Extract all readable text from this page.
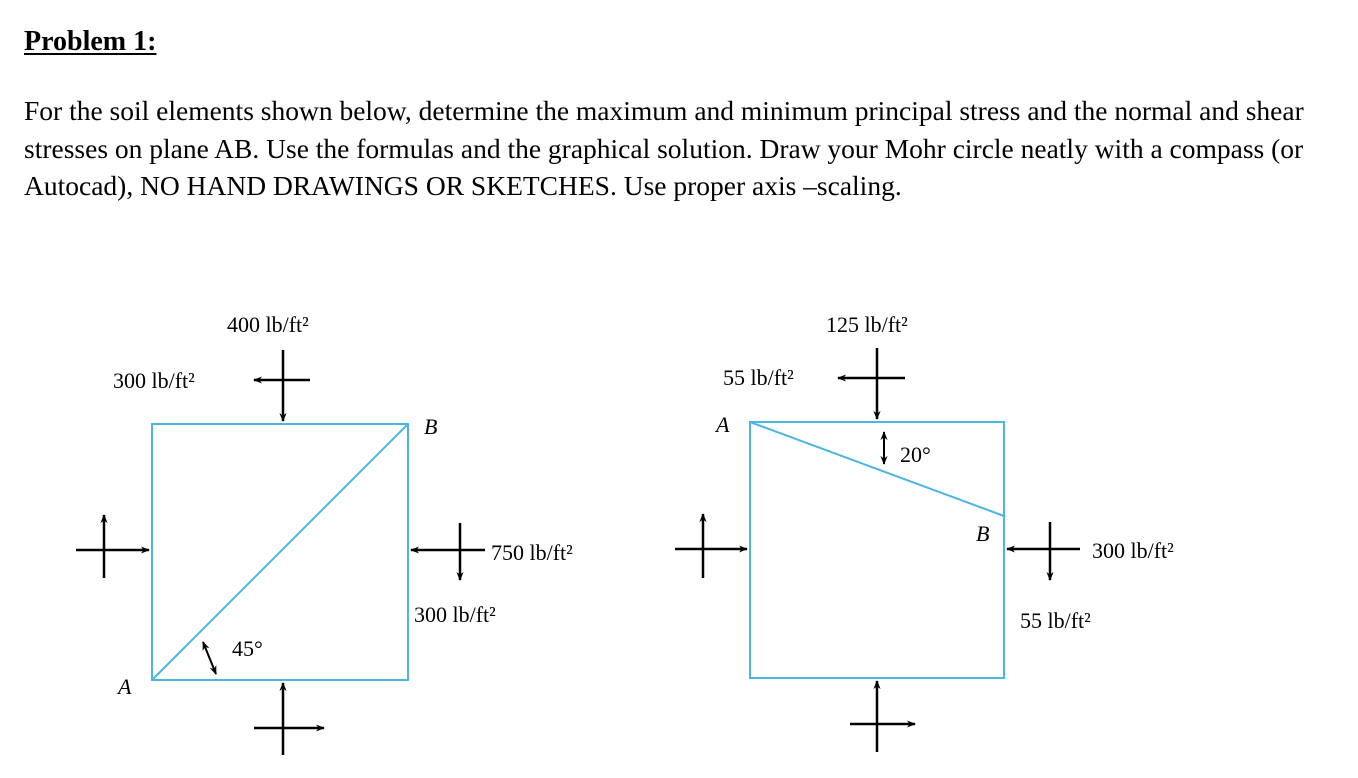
Problem 1:

For the soil elements shown below, determine the maximum and minimum principal stress and the normal and shear stresses on plane AB. Use the formulas and the graphical solution. Draw your Mohr circle neatly with a compass (or Autocad), NO HAND DRAWINGS OR SKETCHES. Use proper axis –scaling.

400 lb/ft²
300 lb/ft²
750 lb/ft²
300 lb/ft²
B
A
45°
125 lb/ft²
55 lb/ft²
300 lb/ft²
55 lb/ft²
A
B
20°
